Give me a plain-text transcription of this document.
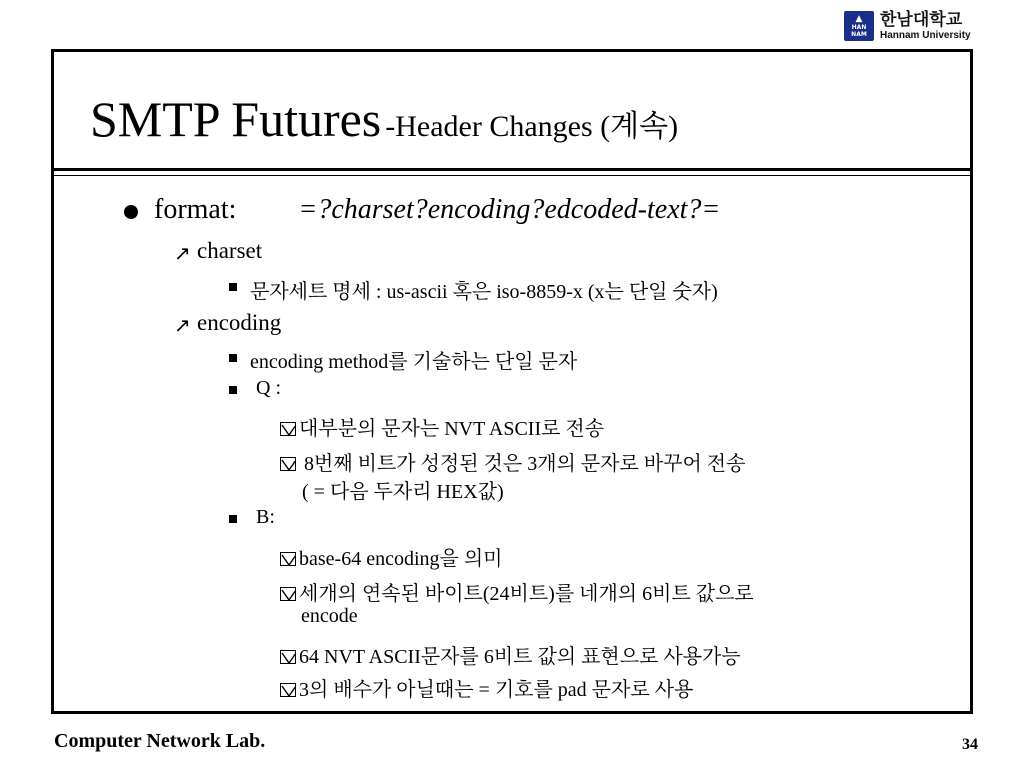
▲
HAN
NAM
한남대학교
Hannam University
SMTP Futures -Header Changes (계속)
format: =?charset?encoding?edcoded-text?=
↗ charset
문자세트 명세 : us-ascii 혹은 iso-8859-x (x는 단일 숫자)
↗ encoding
encoding method를 기술하는 단일 문자
Q :
대부분의 문자는 NVT ASCII로 전송
8번째 비트가 성정된 것은 3개의 문자로 바꾸어 전송
( = 다음 두자리 HEX값)
B:
base-64 encoding을 의미
세개의 연속된 바이트(24비트)를 네개의 6비트 값으로
encode
64 NVT ASCII문자를 6비트 값의 표현으로 사용가능
3의 배수가 아닐때는 = 기호를 pad 문자로 사용
Computer Network Lab.	34
